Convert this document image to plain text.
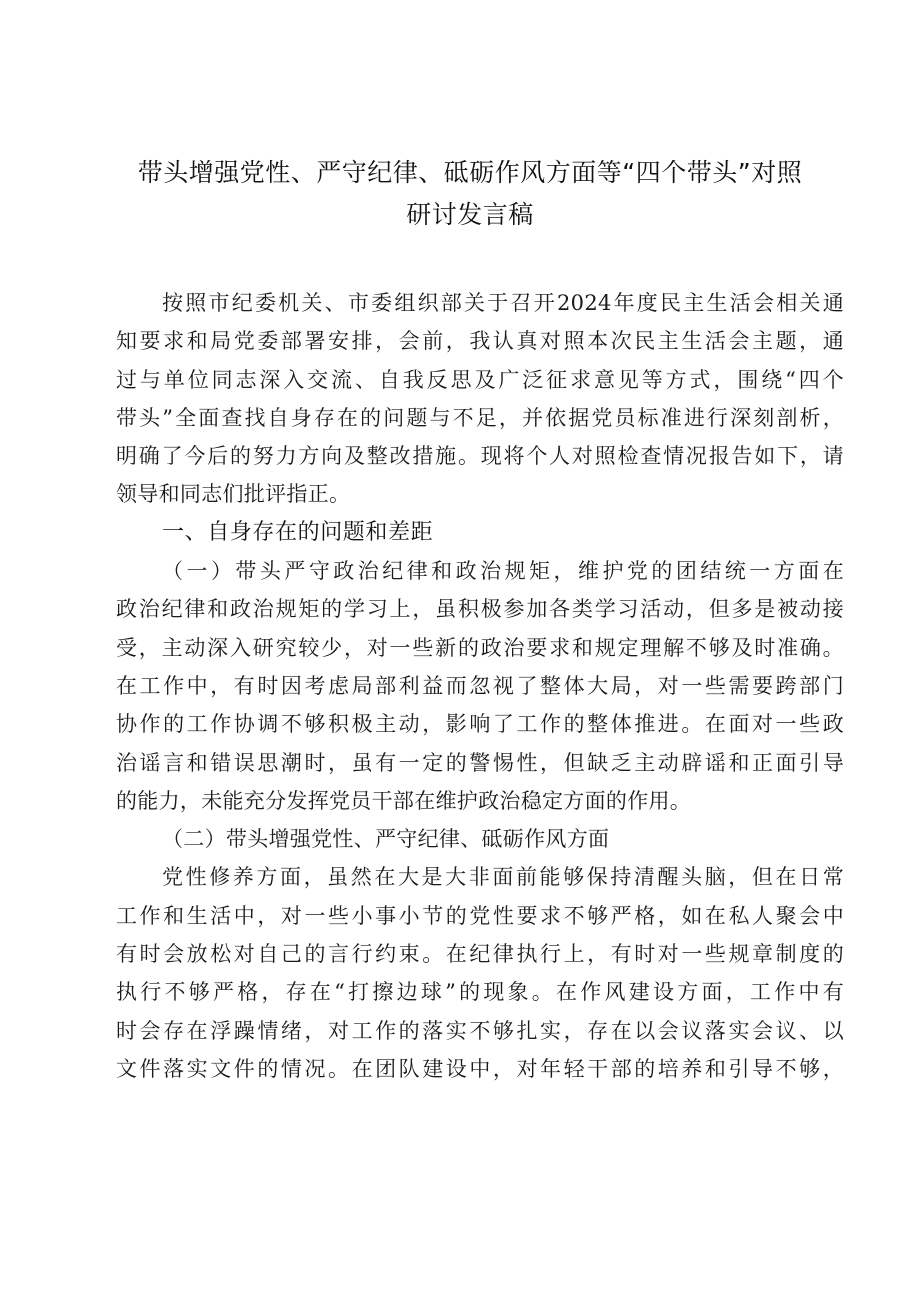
带头增强党性、严守纪律、砥砺作风方面等“四个带头”对照
研讨发言稿

按照市纪委机关、市委组织部关于召开2024年度民主生活会相关通
知要求和局党委部署安排，会前，我认真对照本次民主生活会主题，通
过与单位同志深入交流、自我反思及广泛征求意见等方式，围绕“四个
带头”全面查找自身存在的问题与不足，并依据党员标准进行深刻剖析，
明确了今后的努力方向及整改措施。现将个人对照检查情况报告如下，请
领导和同志们批评指正。

一、自身存在的问题和差距

（一）带头严守政治纪律和政治规矩，维护党的团结统一方面在
政治纪律和政治规矩的学习上，虽积极参加各类学习活动，但多是被动接
受，主动深入研究较少，对一些新的政治要求和规定理解不够及时准确。
在工作中，有时因考虑局部利益而忽视了整体大局，对一些需要跨部门
协作的工作协调不够积极主动，影响了工作的整体推进。在面对一些政
治谣言和错误思潮时，虽有一定的警惕性，但缺乏主动辟谣和正面引导
的能力，未能充分发挥党员干部在维护政治稳定方面的作用。

（二）带头增强党性、严守纪律、砥砺作风方面

党性修养方面，虽然在大是大非面前能够保持清醒头脑，但在日常
工作和生活中，对一些小事小节的党性要求不够严格，如在私人聚会中
有时会放松对自己的言行约束。在纪律执行上，有时对一些规章制度的
执行不够严格，存在“打擦边球”的现象。在作风建设方面，工作中有
时会存在浮躁情绪，对工作的落实不够扎实，存在以会议落实会议、以
文件落实文件的情况。在团队建设中，对年轻干部的培养和引导不够，
